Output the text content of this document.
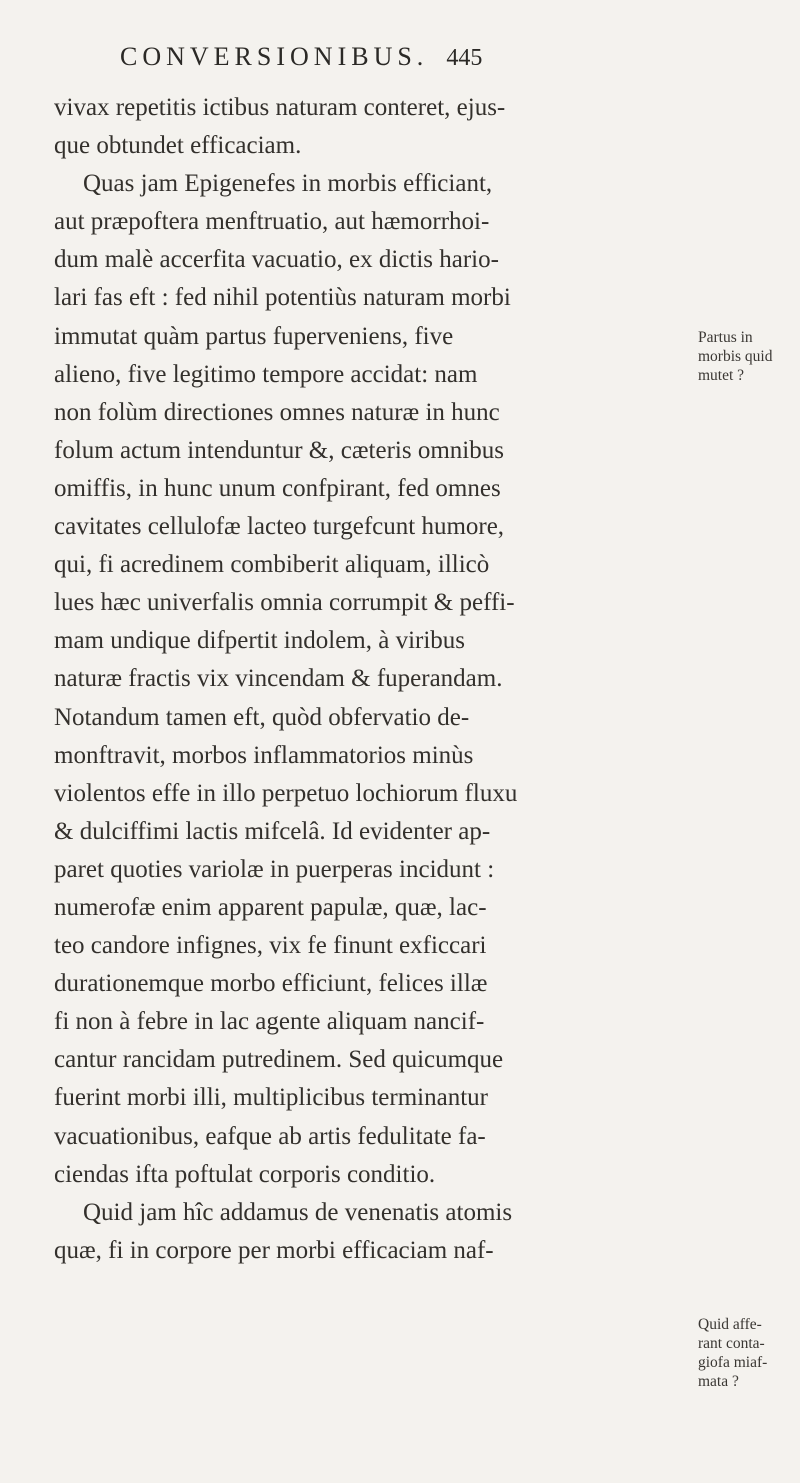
CONVERSIONIBUS. 445
vivax repetitis ictibus naturam conteret, ejus-
que obtundet efficaciam.
Quas jam Epigenefes in morbis efficiant,
aut præpoftera menftruatio, aut hæmorrhoi-
dum malè accerfita vacuatio, ex dictis hario-
lari fas eft : fed nihil potentiùs naturam morbi
immutat quàm partus fuperveniens, five
alieno, five legitimo tempore accidat: nam
non folùm directiones omnes naturæ in hunc
folum actum intenduntur &, cæteris omnibus
omiffis, in hunc unum confpirant, fed omnes
cavitates cellulofæ lacteo turgefcunt humore,
qui, fi acredinem combiberit aliquam, illicò
lues hæc univerfalis omnia corrumpit & peffi-
mam undique difpertit indolem, à viribus
naturæ fractis vix vincendam & fuperandam.
Notandum tamen eft, quòd obfervatio de-
monftravit, morbos inflammatorios minùs
violentos effe in illo perpetuo lochiorum fluxu
& dulciffimi lactis mifcelâ. Id evidenter ap-
paret quoties variolæ in puerperas incidunt :
numerofæ enim apparent papulæ, quæ, lac-
teo candore infignes, vix fe finunt exficcari
durationemque morbo efficiunt, felices illæ
fi non à febre in lac agente aliquam nancif-
cantur rancidam putredinem. Sed quicumque
fuerint morbi illi, multiplicibus terminantur
vacuationibus, eafque ab artis fedulitate fa-
ciendas ifta poftulat corporis conditio.
Quid jam hîc addamus de venenatis atomis
quæ, fi in corpore per morbi efficaciam naf-
Partus in
morbis quid
mutet ?
Quid affe-
rant conta-
giofa miaf-
mata ?
